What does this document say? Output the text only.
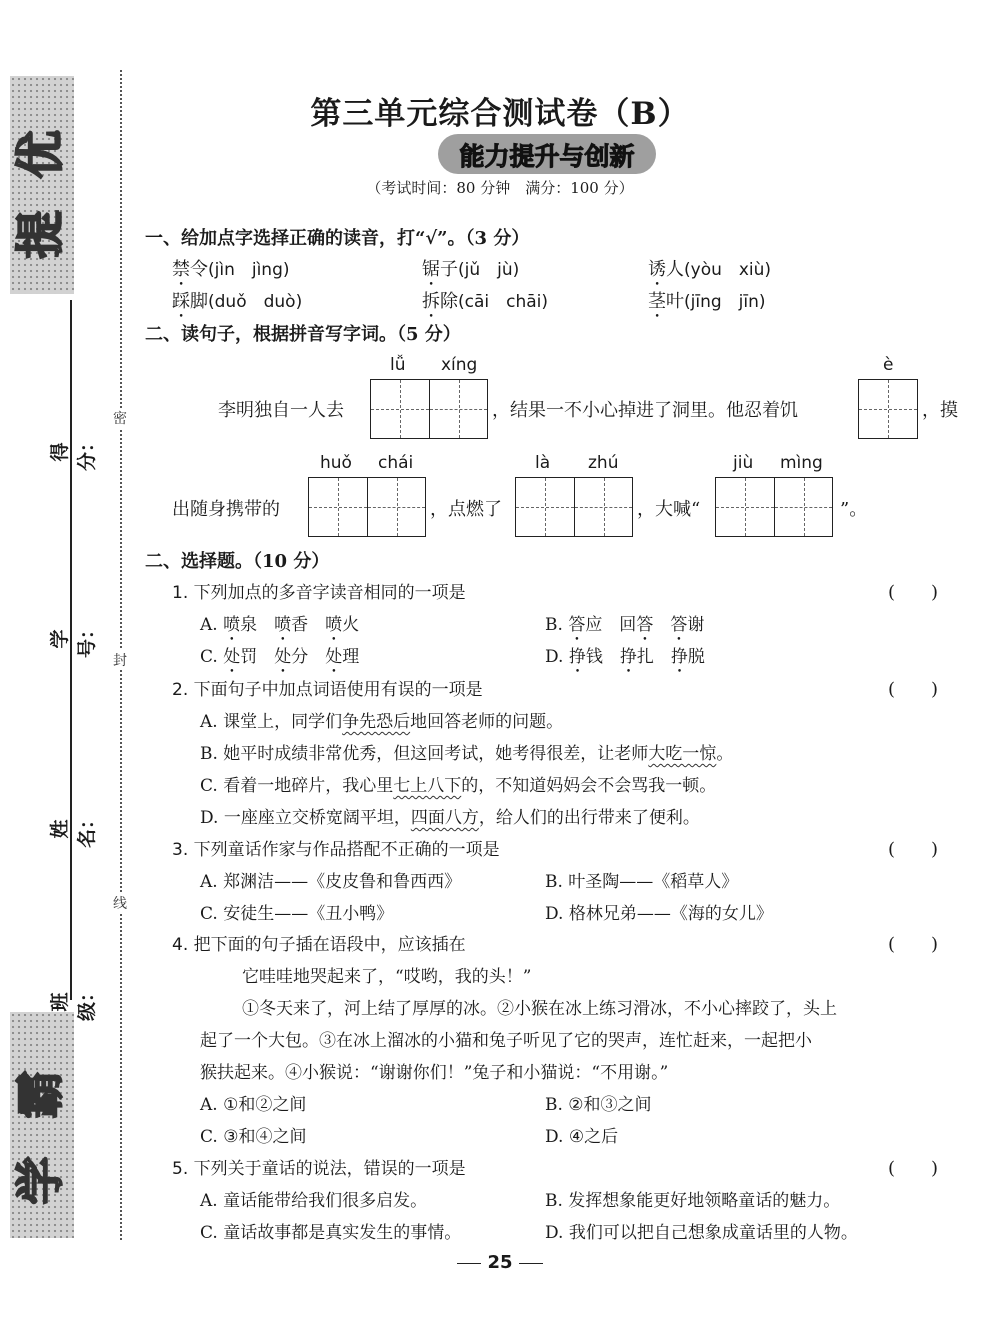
提
优
学
霸
得分：
学号：
姓名：
班级：
密
封
线
第三单元综合测试卷（B）
能力提升与创新
（考试时间：80 分钟　满分：100 分）
一、给加点字选择正确的读音，打“√”。（3 分）
禁令(jìn　jìng)	锯子(jǔ　jù)	诱人(yòu　xiù)
踩脚(duǒ　duò)	拆除(cāi　chāi)	茎叶(jīng　jīn)
二、读句子，根据拼音写字词。（5 分）
lǚ xíng	è
李明独自一人去	，结果一不小心掉进了洞里。他忍着饥	，摸
huǒ chái	là zhú	jiù mìng
出随身携带的	，点燃了	，大喊“	”。
二、选择题。（10 分）
1. 下列加点的多音字读音相同的一项是	(　　)
A. 喷泉　喷香　喷火	B. 答应　回答　 答谢
C. 处罚　处分　处理	D. 挣钱　挣扎　挣脱
2. 下面句子中加点词语使用有误的一项是	(　　)
A. 课堂上，同学们争先恐后地回答老师的问题。
B. 她平时成绩非常优秀，但这回考试，她考得很差，让老师大吃一惊。
C. 看着一地碎片，我心里七上八下的，不知道妈妈会不会骂我一顿。
D. 一座座立交桥宽阔平坦，四面八方，给人们的出行带来了便利。
3. 下列童话作家与作品搭配不正确的一项是	(　　)
A. 郑渊洁——《皮皮鲁和鲁西西》	B. 叶圣陶——《稻草人》
C. 安徒生——《丑小鸭》	D. 格林兄弟——《海的女儿》
4. 把下面的句子插在语段中，应该插在	(　　)
它哇哇地哭起来了，“哎哟，我的头！”
①冬天来了，河上结了厚厚的冰。②小猴在冰上练习滑冰，不小心摔跤了，头上
起了一个大包。③在冰上溜冰的小猫和兔子听见了它的哭声，连忙赶来，一起把小
猴扶起来。④小猴说：“谢谢你们！”兔子和小猫说：“不用谢。”
A. ①和②之间	B. ②和③之间
C. ③和④之间	D. ④之后
5. 下列关于童话的说法，错误的一项是	(　　)
A. 童话能带给我们很多启发。	B. 发挥想象能更好地领略童话的魅力。
C. 童话故事都是真实发生的事情。	D. 我们可以把自己想象成童话里的人物。
25
